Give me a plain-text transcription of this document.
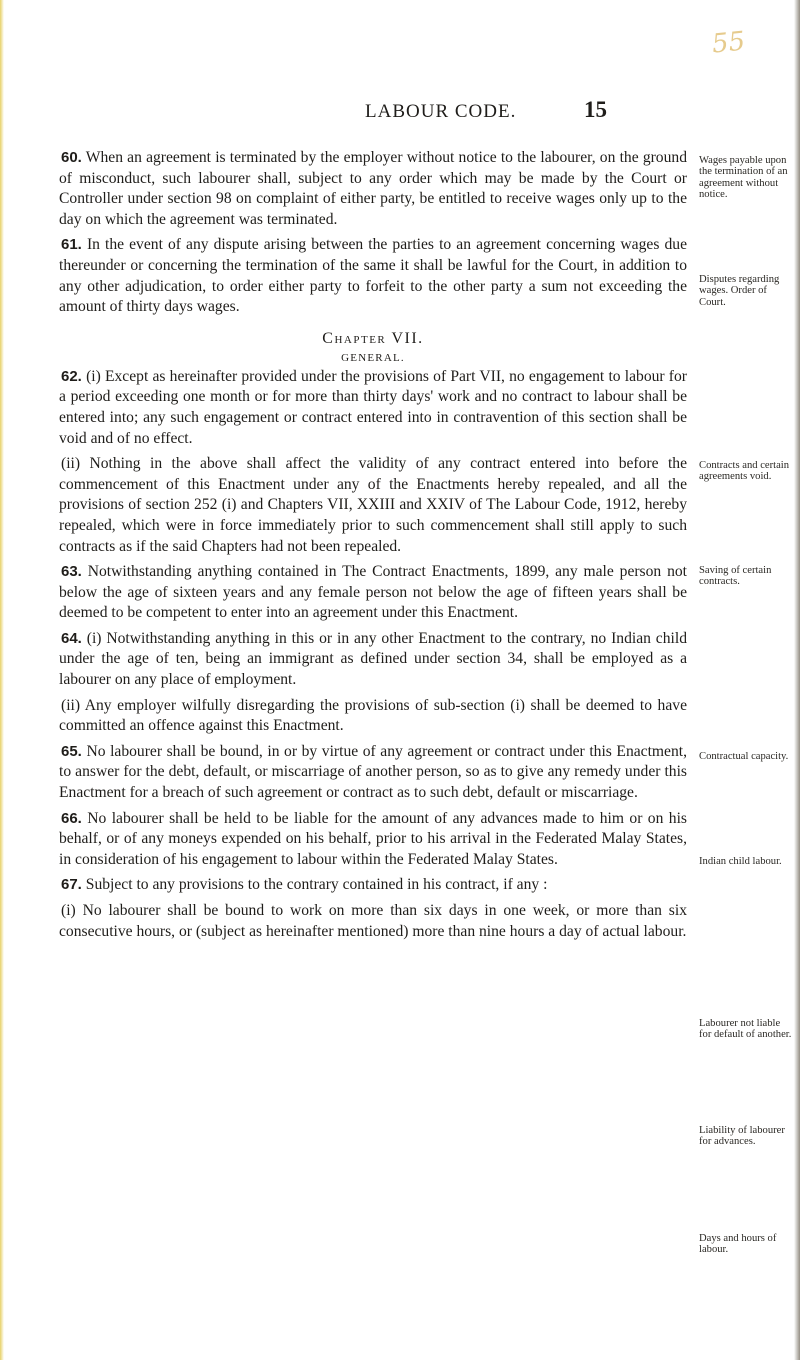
55
LABOUR CODE.	15

60. When an agreement is terminated by the employer without notice to the labourer, on the ground of misconduct, such labourer shall, subject to any order which may be made by the Court or Controller under section 98 on complaint of either party, be entitled to receive wages only up to the day on which the agreement was terminated.

61. In the event of any dispute arising between the parties to an agreement concerning wages due thereunder or concerning the termination of the same it shall be lawful for the Court, in addition to any other adjudication, to order either party to forfeit to the other party a sum not exceeding the amount of thirty days wages.

Chapter VII.
GENERAL.

62. (i) Except as hereinafter provided under the provisions of Part VII, no engagement to labour for a period exceeding one month or for more than thirty days' work and no contract to labour shall be entered into; any such engagement or contract entered into in contravention of this section shall be void and of no effect.

(ii) Nothing in the above shall affect the validity of any contract entered into before the commencement of this Enactment under any of the Enactments hereby repealed, and all the provisions of section 252 (i) and Chapters VII, XXIII and XXIV of The Labour Code, 1912, hereby repealed, which were in force immediately prior to such commencement shall still apply to such contracts as if the said Chapters had not been repealed.

63. Notwithstanding anything contained in The Contract Enactments, 1899, any male person not below the age of sixteen years and any female person not below the age of fifteen years shall be deemed to be competent to enter into an agreement under this Enactment.

64. (i) Notwithstanding anything in this or in any other Enactment to the contrary, no Indian child under the age of ten, being an immigrant as defined under section 34, shall be employed as a labourer on any place of employment.

(ii) Any employer wilfully disregarding the provisions of sub-section (i) shall be deemed to have committed an offence against this Enactment.

65. No labourer shall be bound, in or by virtue of any agreement or contract under this Enactment, to answer for the debt, default, or miscarriage of another person, so as to give any remedy under this Enactment for a breach of such agreement or contract as to such debt, default or miscarriage.

66. No labourer shall be held to be liable for the amount of any advances made to him or on his behalf, or of any moneys expended on his behalf, prior to his arrival in the Federated Malay States, in consideration of his engagement to labour within the Federated Malay States.

67. Subject to any provisions to the contrary contained in his contract, if any :

(i) No labourer shall be bound to work on more than six days in one week, or more than six consecutive hours, or (subject as hereinafter mentioned) more than nine hours a day of actual labour.

Wages payable upon the termination of an agreement without notice.
Disputes regarding wages. Order of Court.
Contracts and certain agreements void.
Saving of certain contracts.
Contractual capacity.
Indian child labour.
Labourer not liable for default of another.
Liability of labourer for advances.
Days and hours of labour.
